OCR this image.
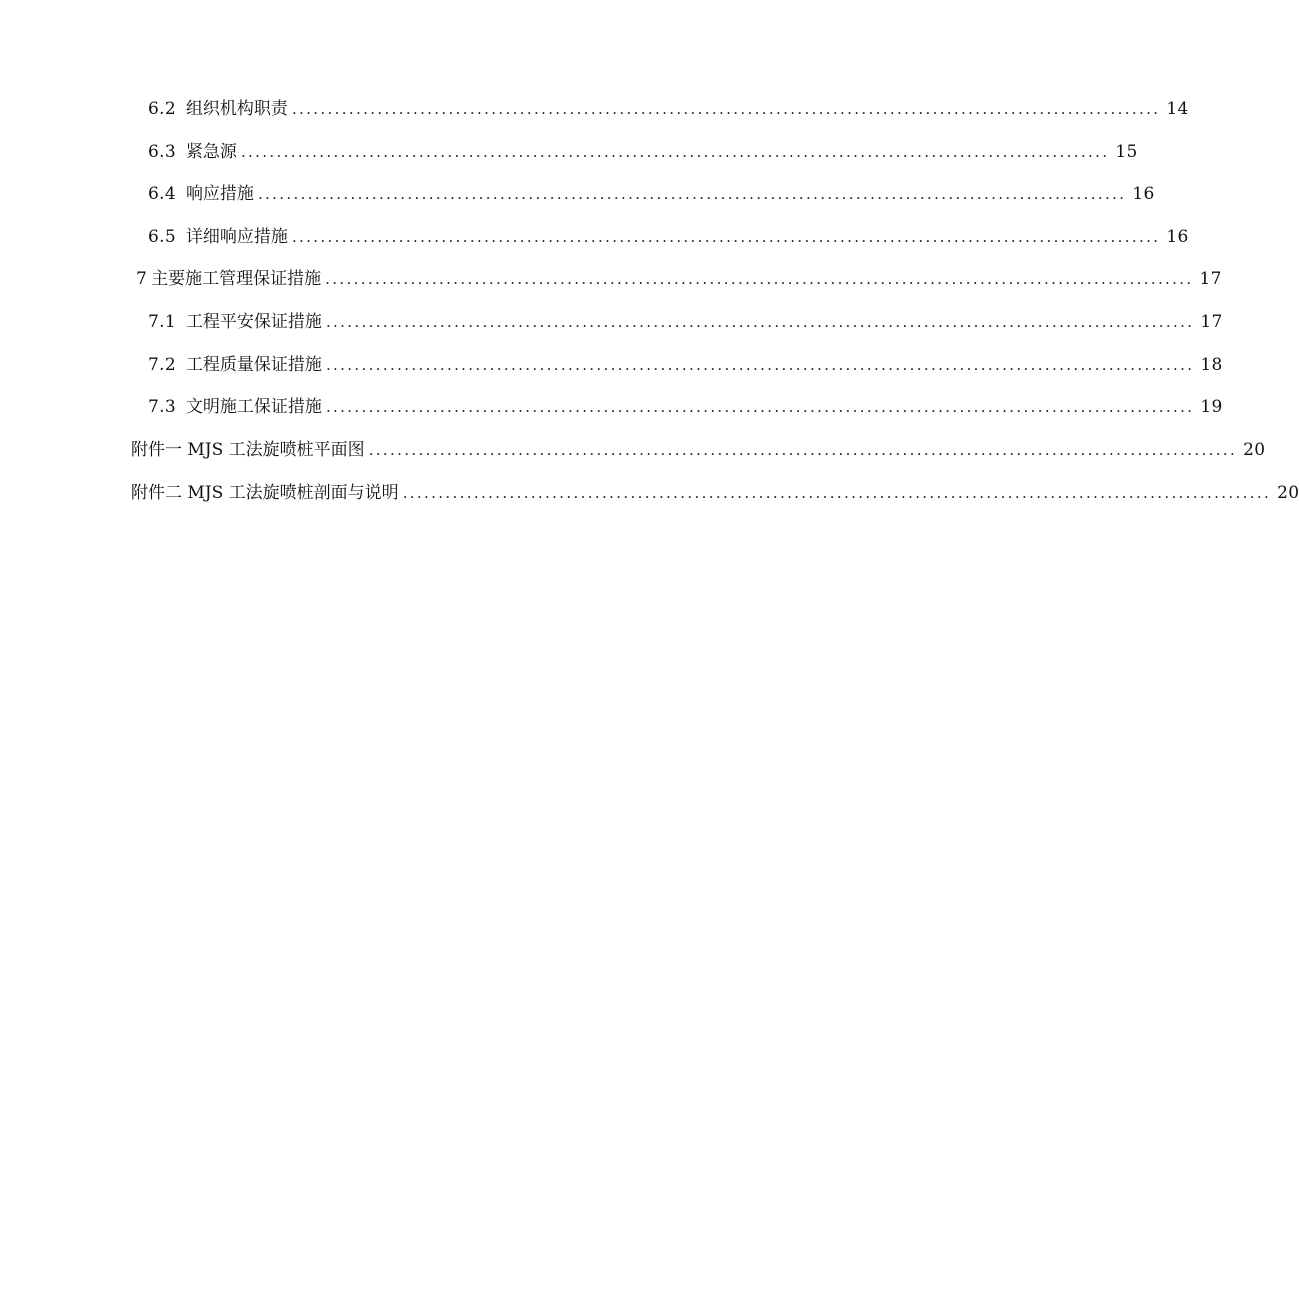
6.2 组织机构职责 .......................................................................................................................... 14
6.3 紧急源 .......................................................................................................................... 15
6.4 响应措施 .......................................................................................................................... 16
6.5 详细响应措施 .......................................................................................................................... 16
7 主要施工管理保证措施 .......................................................................................................................... 17
7.1 工程平安保证措施 .......................................................................................................................... 17
7.2 工程质量保证措施 .......................................................................................................................... 18
7.3 文明施工保证措施 .......................................................................................................................... 19
附件一 MJS 工法旋喷桩平面图 .......................................................................................................................... 20
附件二 MJS 工法旋喷桩剖面与说明 .......................................................................................................................... 20
